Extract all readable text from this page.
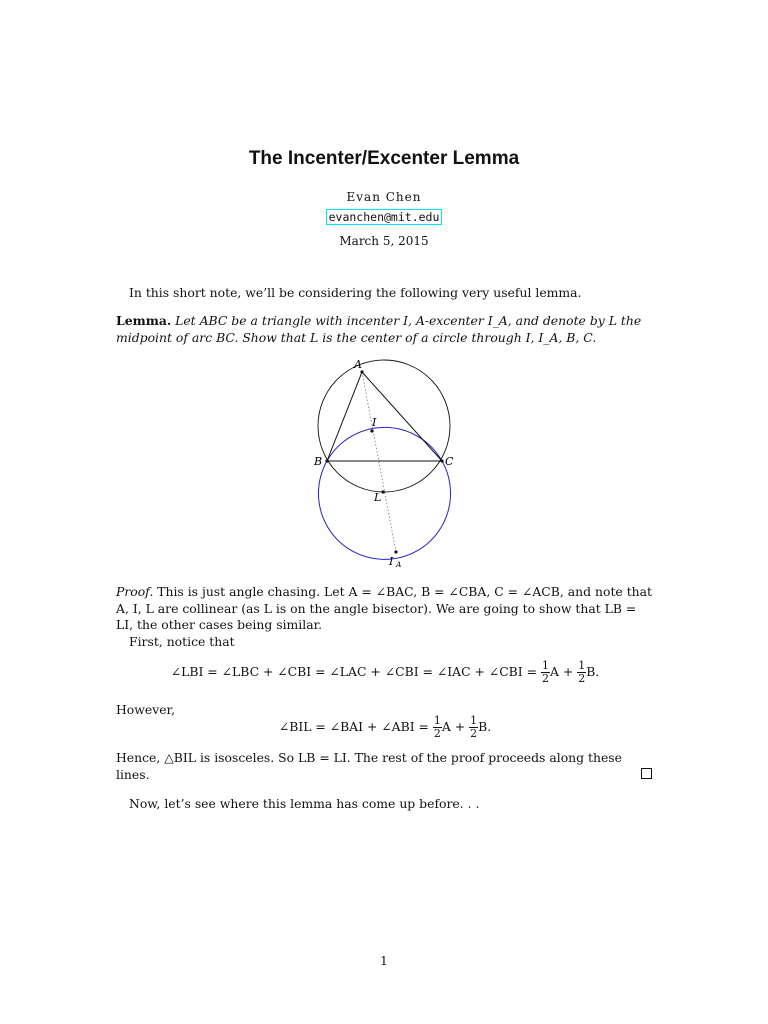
The Incenter/Excenter Lemma
Evan Chen
evanchen@mit.edu
March 5, 2015
In this short note, we’ll be considering the following very useful lemma.
Lemma. Let ABC be a triangle with incenter I, A-excenter I_A, and denote by L the midpoint of arc BC. Show that L is the center of a circle through I, I_A, B, C.
A
B	C
I
L
I A
Proof. This is just angle chasing. Let A = ∠BAC, B = ∠CBA, C = ∠ACB, and note that A, I, L are collinear (as L is on the angle bisector). We are going to show that LB = LI, the other cases being similar.
First, notice that
∠LBI = ∠LBC + ∠CBI = ∠LAC + ∠CBI = ∠IAC + ∠CBI = $\frac{1}{2}$ $A + \frac{1}{2} B$.
However,
∠BIL = ∠BAI + ∠ABI = $\frac{1}{2}$ $A + \frac{1}{2} B$.
Hence, △BIL is isosceles. So LB = LI. The rest of the proof proceeds along these lines.
Now, let’s see where this lemma has come up before. . .
1
